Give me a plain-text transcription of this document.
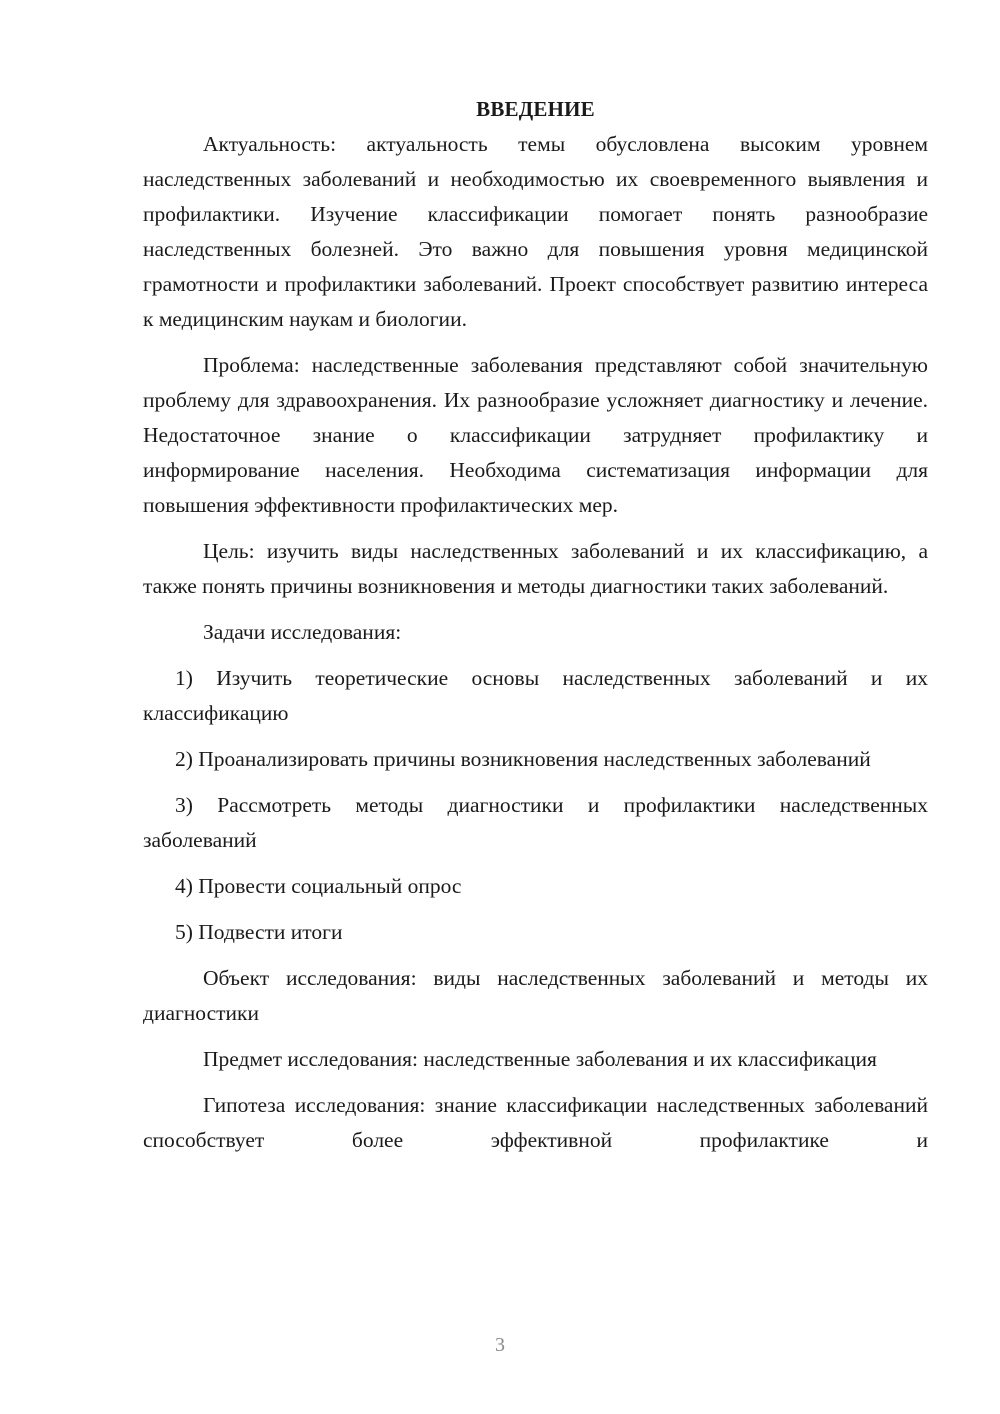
ВВЕДЕНИЕ

Актуальность: актуальность темы обусловлена высоким уровнем наследственных заболеваний и необходимостью их своевременного выявления и профилактики. Изучение классификации помогает понять разнообразие наследственных болезней. Это важно для повышения уровня медицинской грамотности и профилактики заболеваний. Проект способствует развитию интереса к медицинским наукам и биологии.

Проблема: наследственные заболевания представляют собой значительную проблему для здравоохранения. Их разнообразие усложняет диагностику и лечение. Недостаточное знание о классификации затрудняет профилактику и информирование населения. Необходима систематизация информации для повышения эффективности профилактических мер.

Цель: изучить виды наследственных заболеваний и их классификацию, а также понять причины возникновения и методы диагностики таких заболеваний.

Задачи исследования:

1) Изучить теоретические основы наследственных заболеваний и их классификацию

2) Проанализировать причины возникновения наследственных заболеваний

3) Рассмотреть методы диагностики и профилактики наследственных заболеваний

4) Провести социальный опрос

5) Подвести итоги

Объект исследования: виды наследственных заболеваний и методы их диагностики

Предмет исследования: наследственные заболевания и их классификация

Гипотеза исследования: знание классификации наследственных заболеваний способствует более эффективной профилактике и

3
